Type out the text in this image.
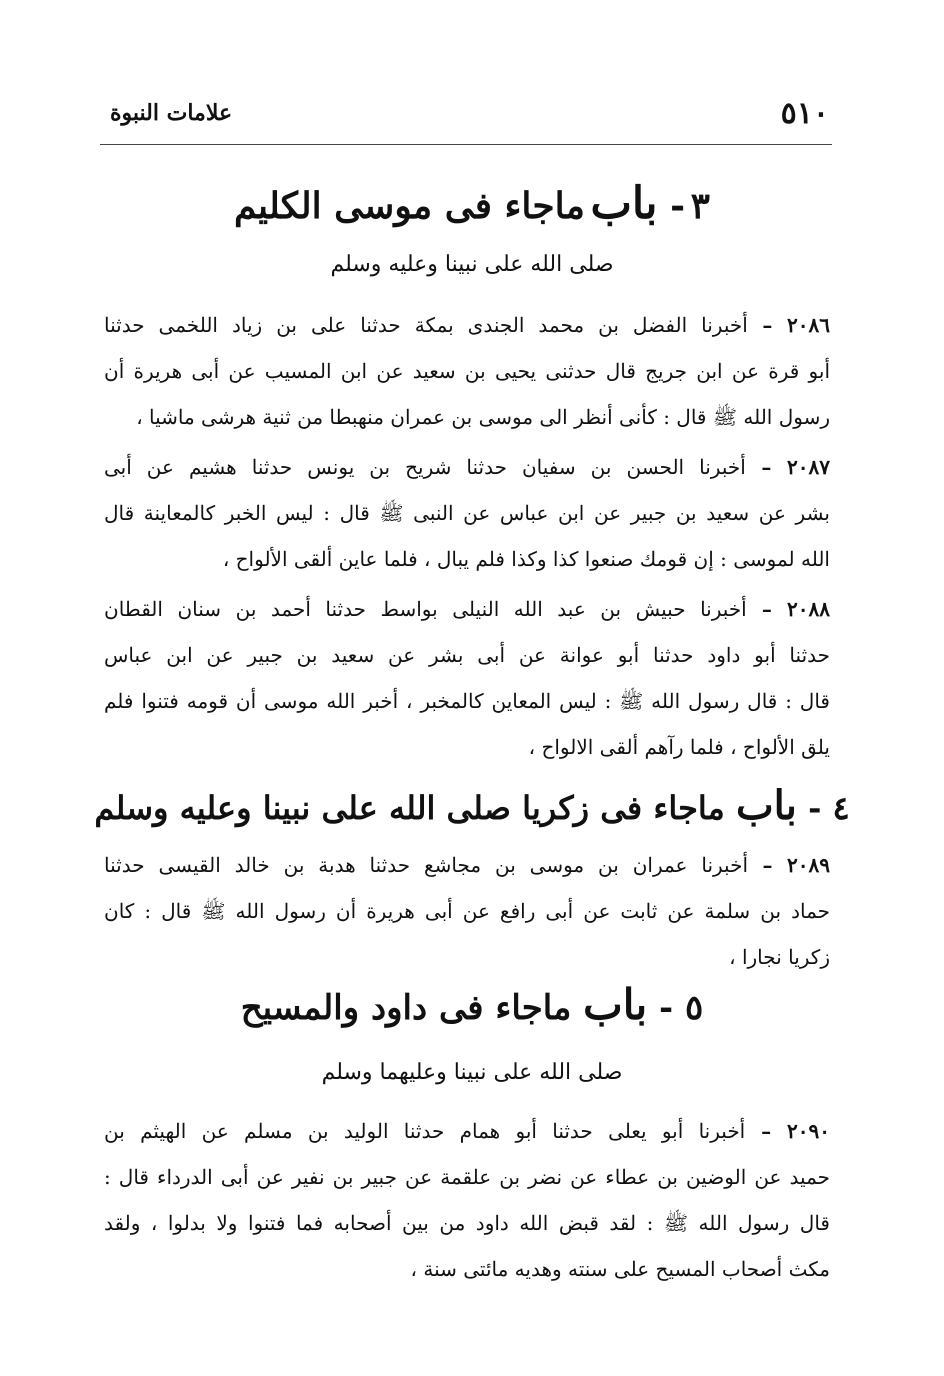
٥١٠
علامات النبوة
٣ - باب ماجاء فى موسى الكليم
صلى الله على نبينا وعليه وسلم
٢٠٨٦ – أخبرنا الفضل بن محمد الجندى بمكة حدثنا على بن زياد اللخمى حدثنا
أبو قرة عن ابن جريج قال حدثنى يحيى بن سعيد عن ابن المسيب عن أبى هريرة أن
رسول الله ﷺ قال : كأنى أنظر الى موسى بن عمران منهبطا من ثنية هرشى ماشيا ،
٢٠٨٧ – أخبرنا الحسن بن سفيان حدثنا شريح بن يونس حدثنا هشيم عن أبى
بشر عن سعيد بن جبير عن ابن عباس عن النبى ﷺ قال : ليس الخبر كالمعاينة قال
الله لموسى : إن قومك صنعوا كذا وكذا فلم يبال ، فلما عاين ألقى الألواح ،
٢٠٨٨ – أخبرنا حبيش بن عبد الله النيلى بواسط حدثنا أحمد بن سنان القطان
حدثنا أبو داود حدثنا أبو عوانة عن أبى بشر عن سعيد بن جبير عن ابن عباس
قال : قال رسول الله ﷺ : ليس المعاين كالمخبر ، أخبر الله موسى أن قومه فتنوا فلم
يلق الألواح ، فلما رآهم ألقى الالواح ،
٤ - باب ماجاء فى زكريا صلى الله على نبينا وعليه وسلم
٢٠٨٩ – أخبرنا عمران بن موسى بن مجاشع حدثنا هدبة بن خالد القيسى حدثنا
حماد بن سلمة عن ثابت عن أبى رافع عن أبى هريرة أن رسول الله ﷺ قال : كان
زكريا نجارا ،
٥ - باب ماجاء فى داود والمسيح
صلى الله على نبينا وعليهما وسلم
٢٠٩٠ – أخبرنا أبو يعلى حدثنا أبو همام حدثنا الوليد بن مسلم عن الهيثم بن
حميد عن الوضين بن عطاء عن نضر بن علقمة عن جبير بن نفير عن أبى الدرداء قال :
قال رسول الله ﷺ : لقد قبض الله داود من بين أصحابه فما فتنوا ولا بدلوا ، ولقد
مكث أصحاب المسيح على سنته وهديه مائتى سنة ،
